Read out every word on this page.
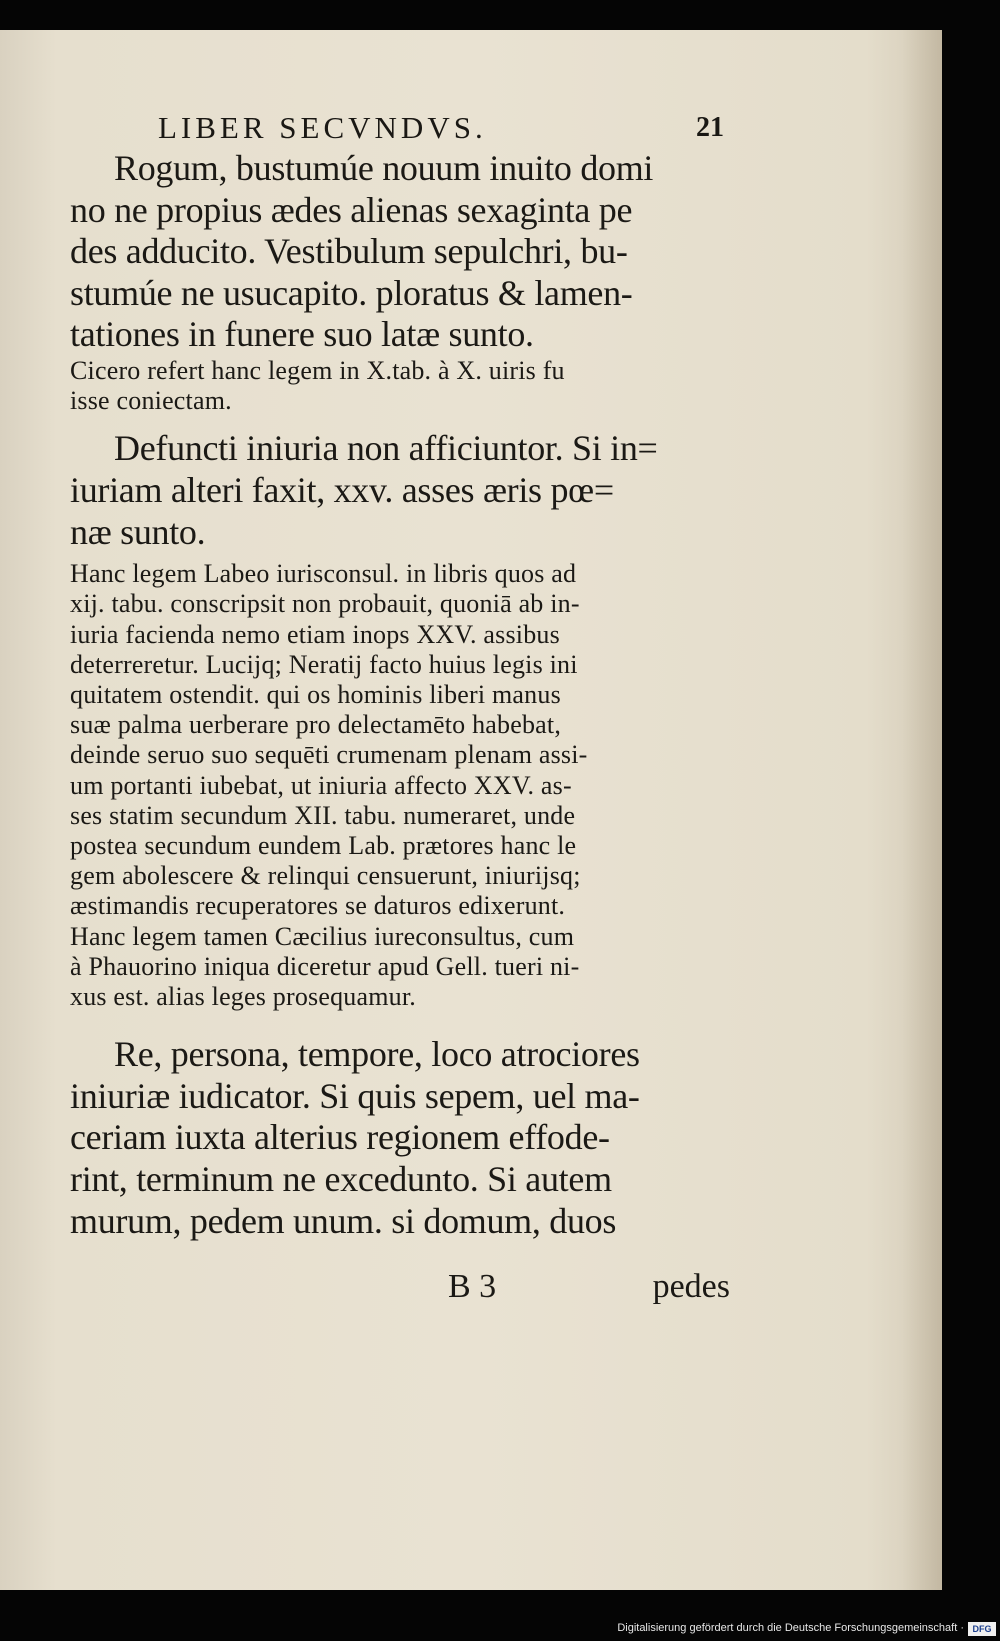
LIBER SECVNDVS.	21
Rogum, bustumúe nouum inuito domi
no ne propius ædes alienas sexaginta pe
des adducito. Vestibulum sepulchri, bu-
stumúe ne usucapito. ploratus & lamen-
tationes in funere suo latæ sunto.
Cicero refert hanc legem in X.tab. à X. uiris fu
isse coniectam.
Defuncti iniuria non afficiuntor. Si in=
iuriam alteri faxit, xxv. asses æris pœ=
næ sunto.
Hanc legem Labeo iurisconsul. in libris quos ad
xij. tabu. conscripsit non probauit, quoniā ab in-
iuria facienda nemo etiam inops XXV. assibus
deterreretur. Lucijq; Neratij facto huius legis ini
quitatem ostendit. qui os hominis liberi manus
suæ palma uerberare pro delectamēto habebat,
deinde seruo suo sequēti crumenam plenam assi-
um portanti iubebat, ut iniuria affecto XXV. as-
ses statim secundum XII. tabu. numeraret, unde
postea secundum eundem Lab. prætores hanc le
gem abolescere & relinqui censuerunt, iniurijsq;
æstimandis recuperatores se daturos edixerunt.
Hanc legem tamen Cæcilius iureconsultus, cum
à Phauorino iniqua diceretur apud Gell. tueri ni-
xus est. alias leges prosequamur.
Re, persona, tempore, loco atrociores
iniuriæ iudicator. Si quis sepem, uel ma-
ceriam iuxta alterius regionem effode-
rint, terminum ne excedunto. Si autem
murum, pedem unum. si domum, duos
B 3	pedes
Digitalisierung gefördert durch die Deutsche Forschungsgemeinschaft · DFG
